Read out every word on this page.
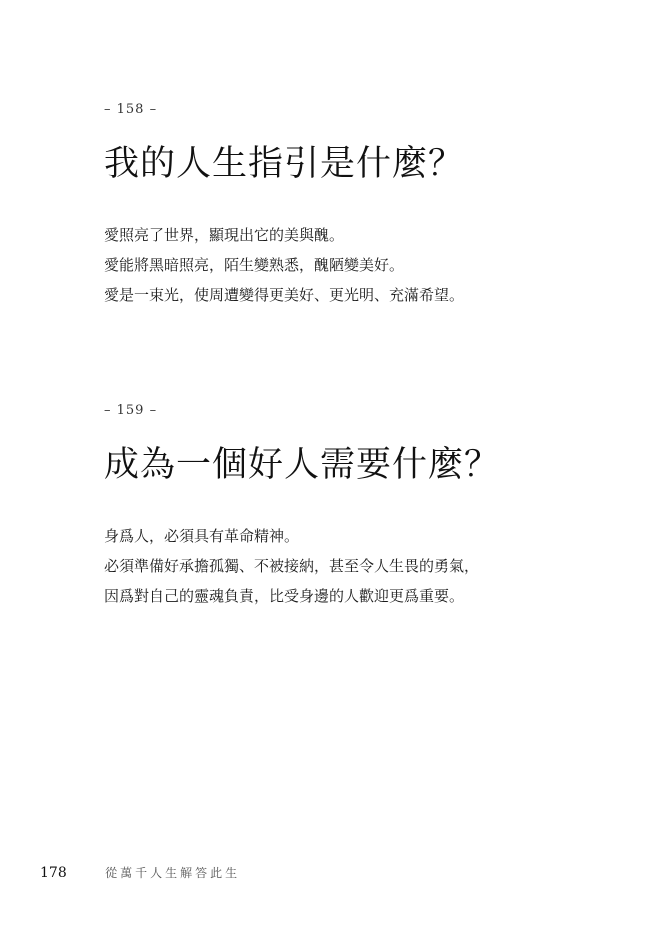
– 158 –
我的人生指引是什麼？
愛照亮了世界，顯現出它的美與醜。
愛能將黑暗照亮，陌生變熟悉，醜陋變美好。
愛是一束光，使周遭變得更美好、更光明、充滿希望。
– 159 –
成為一個好人需要什麼？
身爲人，必須具有革命精神。
必須準備好承擔孤獨、不被接納，甚至令人生畏的勇氣，
因爲對自己的靈魂負責，比受身邊的人歡迎更爲重要。
178	從萬千人生解答此生
